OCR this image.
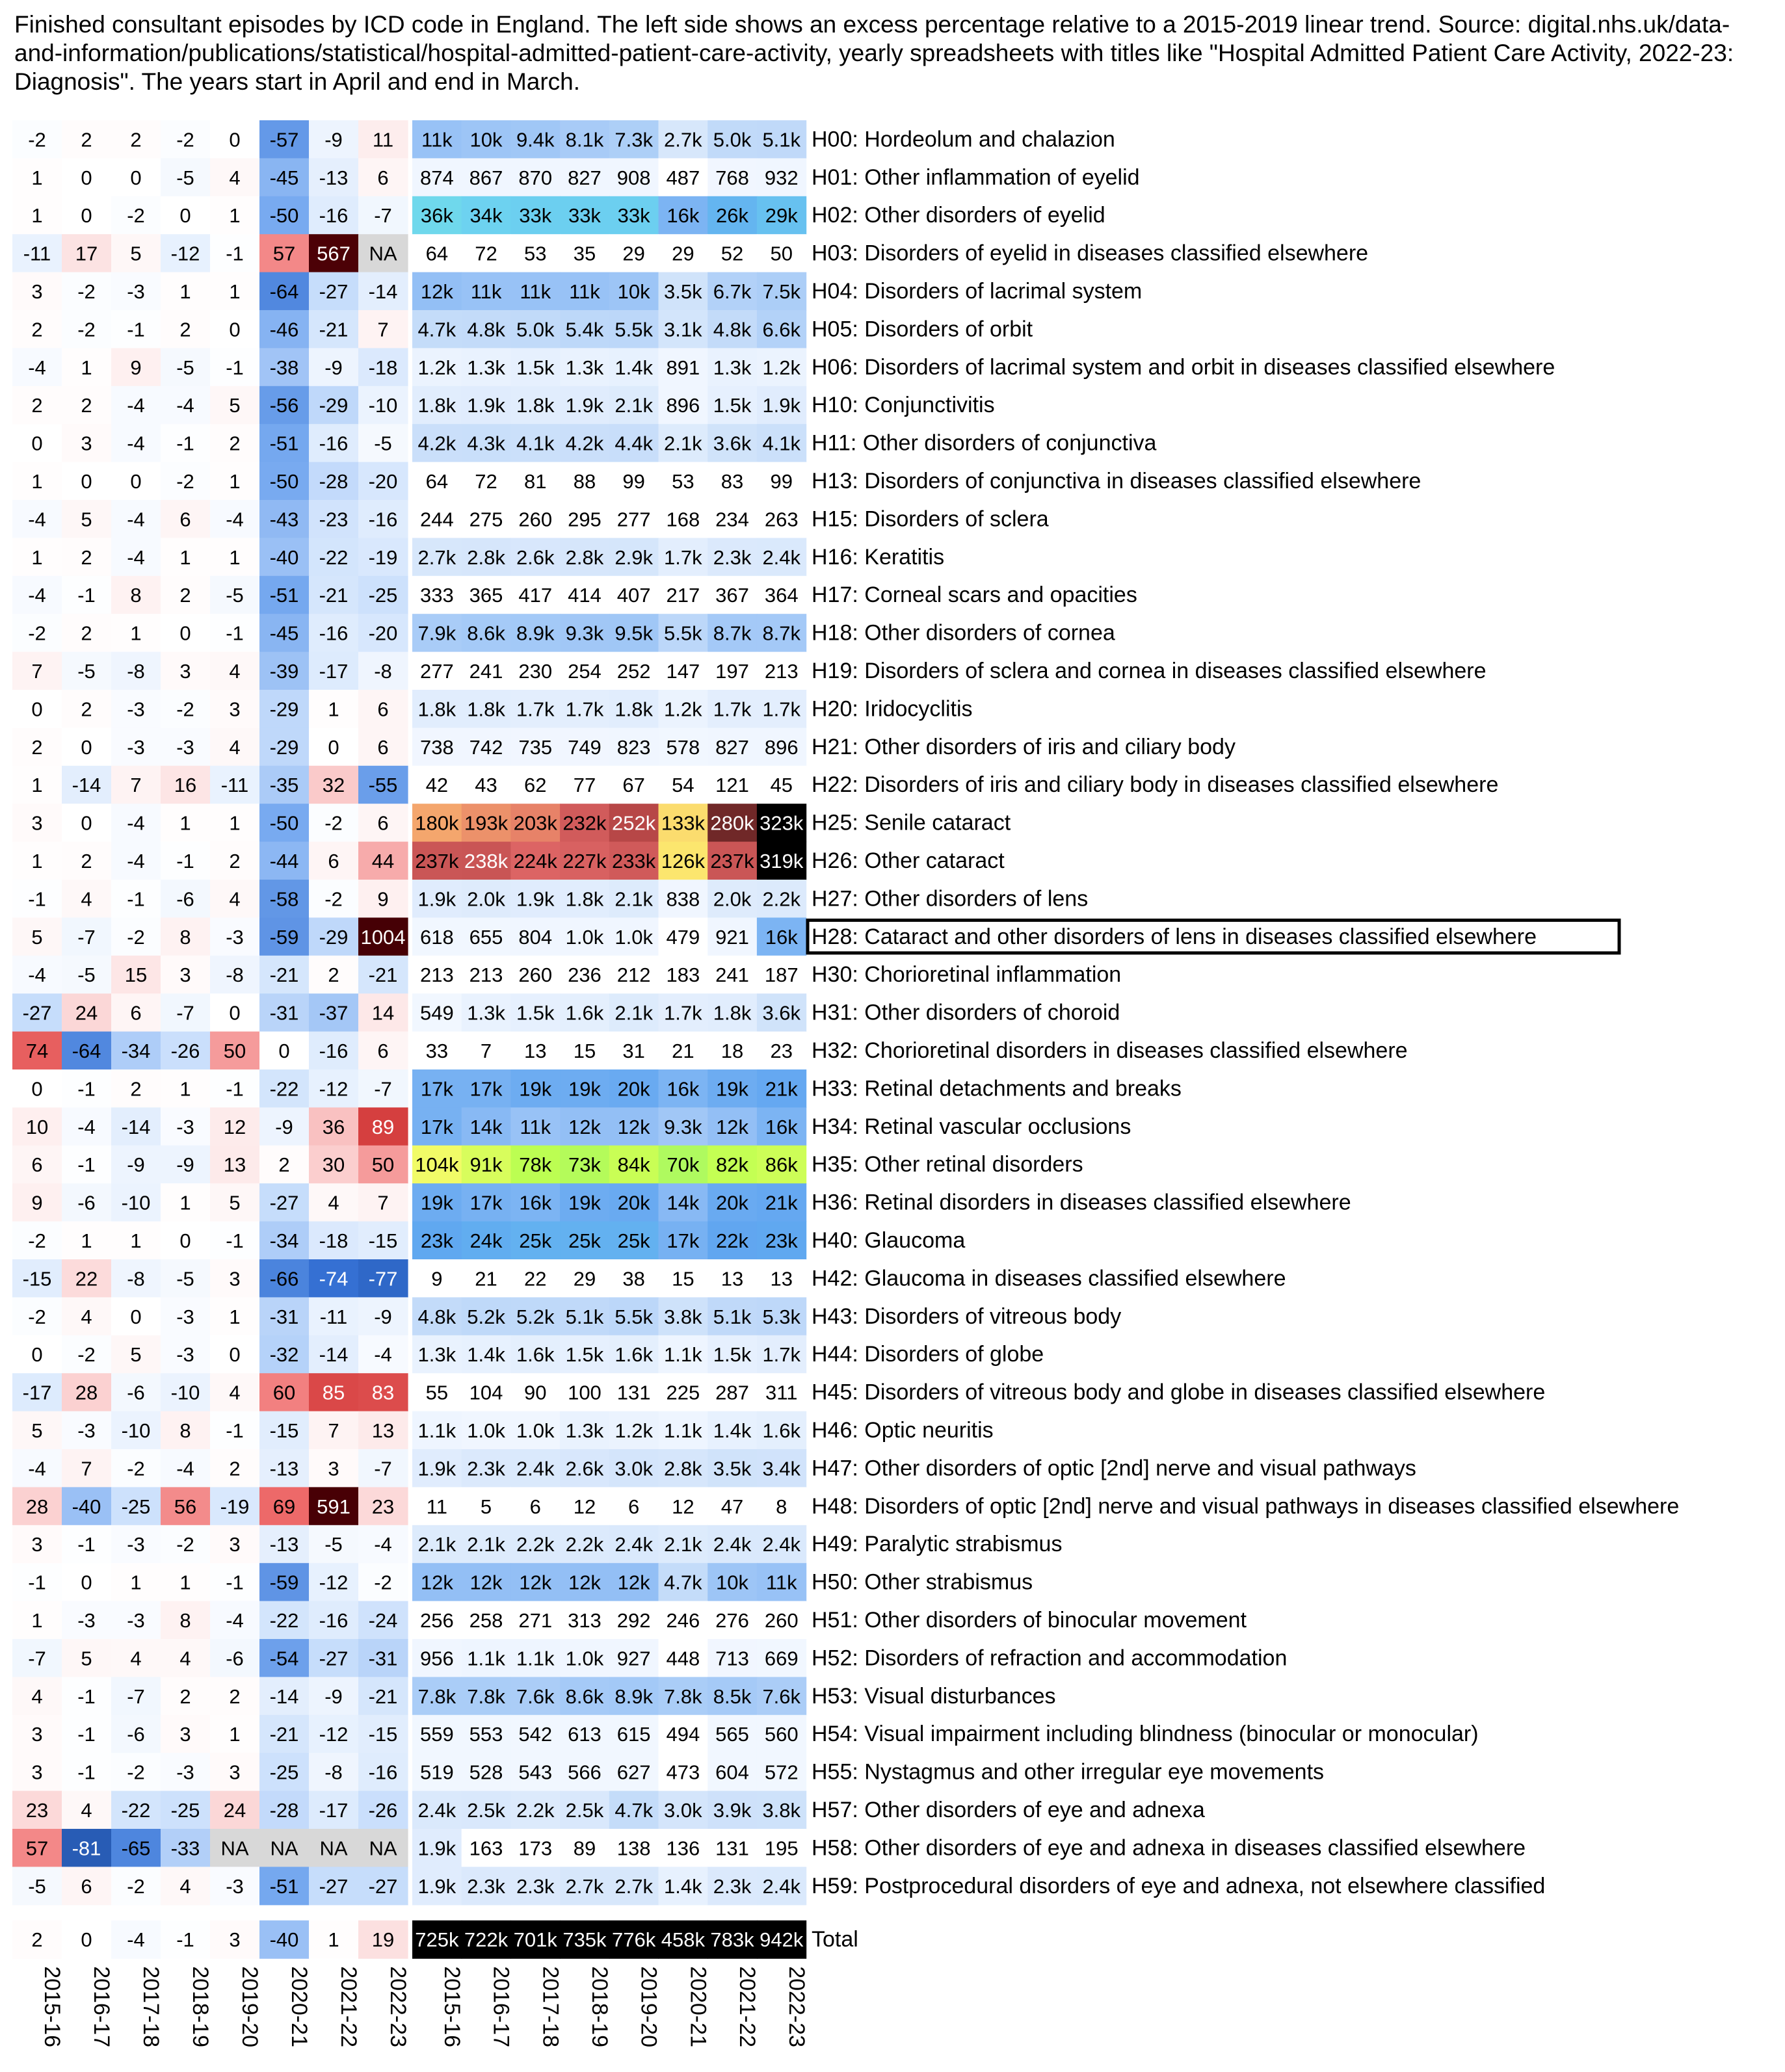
Finished consultant episodes by ICD code in England. The left side shows an excess percentage relative to a 2015-2019 linear trend. Source: digital.nhs.uk/data-and-information/publications/statistical/hospital-admitted-patient-care-activity, yearly spreadsheets with titles like "Hospital Admitted Patient Care Activity, 2022-23: Diagnosis". The years start in April and end in March.
-2 2 2 -2 0 -57 -9 11 11k 10k 9.4k 8.1k 7.3k 2.7k 5.0k 5.1k H00: Hordeolum and chalazion
1 0 0 -5 4 -45 -13 6 874 867 870 827 908 487 768 932 H01: Other inflammation of eyelid
1 0 -2 0 1 -50 -16 -7 36k 34k 33k 33k 33k 16k 26k 29k H02: Other disorders of eyelid
-11 17 5 -12 -1 57 567 NA 64 72 53 35 29 29 52 50 H03: Disorders of eyelid in diseases classified elsewhere
3 -2 -3 1 1 -64 -27 -14 12k 11k 11k 11k 10k 3.5k 6.7k 7.5k H04: Disorders of lacrimal system
2 -2 -1 2 0 -46 -21 7 4.7k 4.8k 5.0k 5.4k 5.5k 3.1k 4.8k 6.6k H05: Disorders of orbit
-4 1 9 -5 -1 -38 -9 -18 1.2k 1.3k 1.5k 1.3k 1.4k 891 1.3k 1.2k H06: Disorders of lacrimal system and orbit in diseases classified elsewhere
2 2 -4 -4 5 -56 -29 -10 1.8k 1.9k 1.8k 1.9k 2.1k 896 1.5k 1.9k H10: Conjunctivitis
0 3 -4 -1 2 -51 -16 -5 4.2k 4.3k 4.1k 4.2k 4.4k 2.1k 3.6k 4.1k H11: Other disorders of conjunctiva
1 0 0 -2 1 -50 -28 -20 64 72 81 88 99 53 83 99 H13: Disorders of conjunctiva in diseases classified elsewhere
-4 5 -4 6 -4 -43 -23 -16 244 275 260 295 277 168 234 263 H15: Disorders of sclera
1 2 -4 1 1 -40 -22 -19 2.7k 2.8k 2.6k 2.8k 2.9k 1.7k 2.3k 2.4k H16: Keratitis
-4 -1 8 2 -5 -51 -21 -25 333 365 417 414 407 217 367 364 H17: Corneal scars and opacities
-2 2 1 0 -1 -45 -16 -20 7.9k 8.6k 8.9k 9.3k 9.5k 5.5k 8.7k 8.7k H18: Other disorders of cornea
7 -5 -8 3 4 -39 -17 -8 277 241 230 254 252 147 197 213 H19: Disorders of sclera and cornea in diseases classified elsewhere
0 2 -3 -2 3 -29 1 6 1.8k 1.8k 1.7k 1.7k 1.8k 1.2k 1.7k 1.7k H20: Iridocyclitis
2 0 -3 -3 4 -29 0 6 738 742 735 749 823 578 827 896 H21: Other disorders of iris and ciliary body
1 -14 7 16 -11 -35 32 -55 42 43 62 77 67 54 121 45 H22: Disorders of iris and ciliary body in diseases classified elsewhere
3 0 -4 1 1 -50 -2 6 180k 193k 203k 232k 252k 133k 280k 323k H25: Senile cataract
1 2 -4 -1 2 -44 6 44 237k 238k 224k 227k 233k 126k 237k 319k H26: Other cataract
-1 4 -1 -6 4 -58 -2 9 1.9k 2.0k 1.9k 1.8k 2.1k 838 2.0k 2.2k H27: Other disorders of lens
5 -7 -2 8 -3 -59 -29 1004 618 655 804 1.0k 1.0k 479 921 16k H28: Cataract and other disorders of lens in diseases classified elsewhere
-4 -5 15 3 -8 -21 2 -21 213 213 260 236 212 183 241 187 H30: Chorioretinal inflammation
-27 24 6 -7 0 -31 -37 14 549 1.3k 1.5k 1.6k 2.1k 1.7k 1.8k 3.6k H31: Other disorders of choroid
74 -64 -34 -26 50 0 -16 6 33 7 13 15 31 21 18 23 H32: Chorioretinal disorders in diseases classified elsewhere
0 -1 2 1 -1 -22 -12 -7 17k 17k 19k 19k 20k 16k 19k 21k H33: Retinal detachments and breaks
10 -4 -14 -3 12 -9 36 89 17k 14k 11k 12k 12k 9.3k 12k 16k H34: Retinal vascular occlusions
6 -1 -9 -9 13 2 30 50 104k 91k 78k 73k 84k 70k 82k 86k H35: Other retinal disorders
9 -6 -10 1 5 -27 4 7 19k 17k 16k 19k 20k 14k 20k 21k H36: Retinal disorders in diseases classified elsewhere
-2 1 1 0 -1 -34 -18 -15 23k 24k 25k 25k 25k 17k 22k 23k H40: Glaucoma
-15 22 -8 -5 3 -66 -74 -77 9 21 22 29 38 15 13 13 H42: Glaucoma in diseases classified elsewhere
-2 4 0 -3 1 -31 -11 -9 4.8k 5.2k 5.2k 5.1k 5.5k 3.8k 5.1k 5.3k H43: Disorders of vitreous body
0 -2 5 -3 0 -32 -14 -4 1.3k 1.4k 1.6k 1.5k 1.6k 1.1k 1.5k 1.7k H44: Disorders of globe
-17 28 -6 -10 4 60 85 83 55 104 90 100 131 225 287 311 H45: Disorders of vitreous body and globe in diseases classified elsewhere
5 -3 -10 8 -1 -15 7 13 1.1k 1.0k 1.0k 1.3k 1.2k 1.1k 1.4k 1.6k H46: Optic neuritis
-4 7 -2 -4 2 -13 3 -7 1.9k 2.3k 2.4k 2.6k 3.0k 2.8k 3.5k 3.4k H47: Other disorders of optic [2nd] nerve and visual pathways
28 -40 -25 56 -19 69 591 23 11 5 6 12 6 12 47 8 H48: Disorders of optic [2nd] nerve and visual pathways in diseases classified elsewhere
3 -1 -3 -2 3 -13 -5 -4 2.1k 2.1k 2.2k 2.2k 2.4k 2.1k 2.4k 2.4k H49: Paralytic strabismus
-1 0 1 1 -1 -59 -12 -2 12k 12k 12k 12k 12k 4.7k 10k 11k H50: Other strabismus
1 -3 -3 8 -4 -22 -16 -24 256 258 271 313 292 246 276 260 H51: Other disorders of binocular movement
-7 5 4 4 -6 -54 -27 -31 956 1.1k 1.1k 1.0k 927 448 713 669 H52: Disorders of refraction and accommodation
4 -1 -7 2 2 -14 -9 -21 7.8k 7.8k 7.6k 8.6k 8.9k 7.8k 8.5k 7.6k H53: Visual disturbances
3 -1 -6 3 1 -21 -12 -15 559 553 542 613 615 494 565 560 H54: Visual impairment including blindness (binocular or monocular)
3 -1 -2 -3 3 -25 -8 -16 519 528 543 566 627 473 604 572 H55: Nystagmus and other irregular eye movements
23 4 -22 -25 24 -28 -17 -26 2.4k 2.5k 2.2k 2.5k 4.7k 3.0k 3.9k 3.8k H57: Other disorders of eye and adnexa
57 -81 -65 -33 NA NA NA NA 1.9k 163 173 89 138 136 131 195 H58: Other disorders of eye and adnexa in diseases classified elsewhere
-5 6 -2 4 -3 -51 -27 -27 1.9k 2.3k 2.3k 2.7k 2.7k 1.4k 2.3k 2.4k H59: Postprocedural disorders of eye and adnexa, not elsewhere classified
2 0 -4 -1 3 -40 1 19 725k 722k 701k 735k 776k 458k 783k 942k Total
2015-16 2016-17 2017-18 2018-19 2019-20 2020-21 2021-22 2022-23 2015-16 2016-17 2017-18 2018-19 2019-20 2020-21 2021-22 2022-23
